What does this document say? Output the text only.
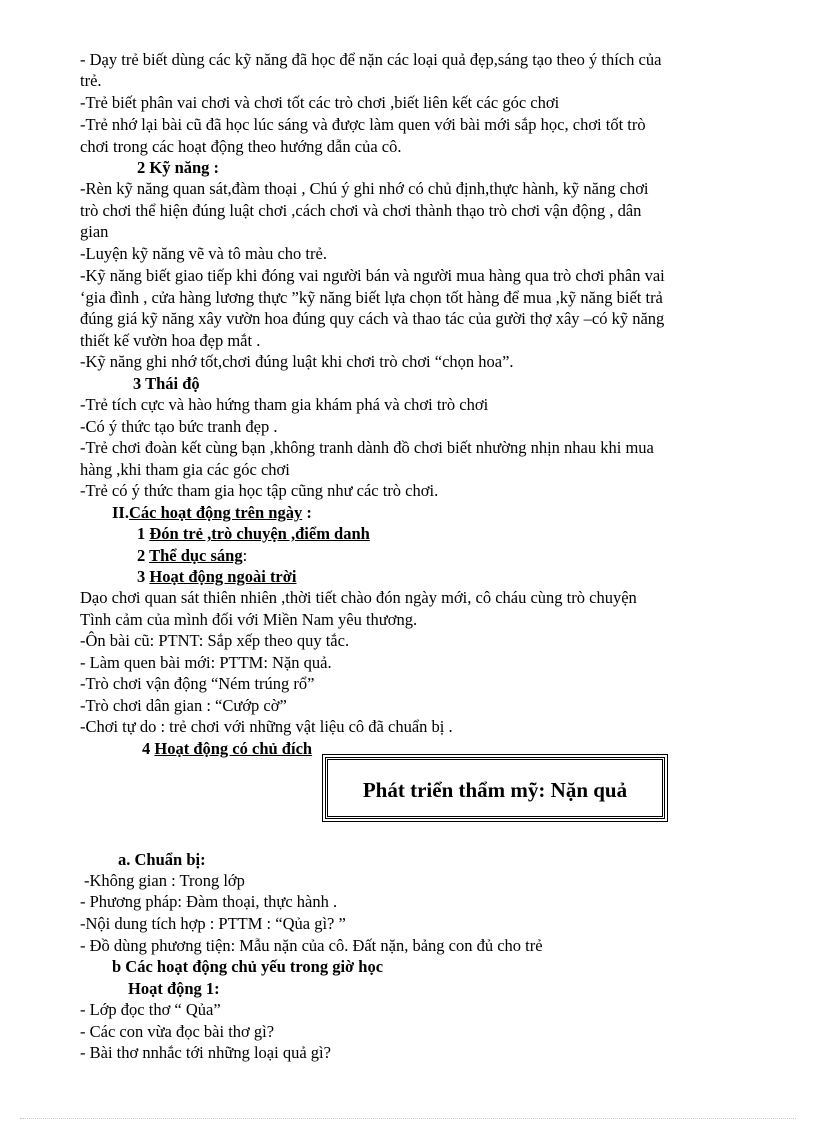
- Dạy trẻ biết dùng các kỹ năng đã học để nặn các loại quả đẹp,sáng tạo theo ý thích của
trẻ.
-Trẻ biết phân vai chơi và chơi tốt các trò chơi ,biết liên kết các góc chơi
-Trẻ nhớ lại bài cũ đã học lúc sáng và được làm quen với bài mới sắp học, chơi tốt trò
chơi trong các hoạt động theo hướng dẫn của cô.
2 Kỹ năng :
-Rèn kỹ năng quan sát,đàm thoại , Chú ý ghi nhớ có chủ định,thực hành, kỹ năng chơi
trò chơi thể hiện đúng luật chơi ,cách chơi và chơi thành thạo trò chơi vận động , dân
gian
-Luyện kỹ năng vẽ và tô màu cho trẻ.
-Kỹ năng biết giao tiếp khi đóng vai người bán và người mua hàng qua trò chơi phân vai
‘gia đình , cửa hàng lương thực ”kỹ năng biết lựa chọn tốt hàng để mua ,kỹ năng biết trả
đúng giá kỹ năng xây vườn hoa đúng quy cách và thao tác của gười thợ xây –có kỹ năng
thiết kế vườn hoa đẹp mắt .
-Kỹ năng ghi nhớ tốt,chơi đúng luật khi chơi trò chơi “chọn hoa”.
3 Thái độ
-Trẻ tích cực và hào hứng tham gia khám phá và chơi trò chơi
-Có ý thức tạo bức tranh đẹp .
-Trẻ chơi đoàn kết cùng bạn ,không tranh dành đồ chơi biết nhường nhịn nhau khi mua
hàng ,khi tham gia các góc chơi
-Trẻ có ý thức tham gia học tập cũng như các trò chơi.
II.Các hoạt động trên ngày :
1 Đón trẻ ,trò chuyện ,điểm danh
2 Thể dục sáng:
3 Hoạt động ngoài trời
Dạo chơi quan sát thiên nhiên ,thời tiết chào đón ngày mới, cô cháu cùng trò chuyện
Tình cảm của mình đối với Miền Nam yêu thương.
-Ôn bài cũ: PTNT: Sắp xếp theo quy tắc.
- Làm quen bài mới: PTTM: Nặn quả.
-Trò chơi vận động “Ném trúng rổ”
-Trò chơi dân gian : “Cướp cờ”
-Chơi tự do : trẻ chơi với những vật liệu cô đã chuẩn bị .
4 Hoạt động có chủ đích
Phát triển thẩm mỹ: Nặn quả
a. Chuẩn bị:
-Không gian : Trong lớp
- Phương pháp: Đàm thoại, thực hành .
-Nội dung tích hợp : PTTM : “Qủa gì? ”
- Đồ dùng phương tiện: Mẫu nặn của cô. Đất nặn, bảng con đủ cho trẻ
b Các hoạt động chủ yếu trong giờ học
Hoạt động 1:
- Lớp đọc thơ “ Qủa”
- Các con vừa đọc bài thơ gì?
- Bài thơ nnhắc tới những loại quả gì?
